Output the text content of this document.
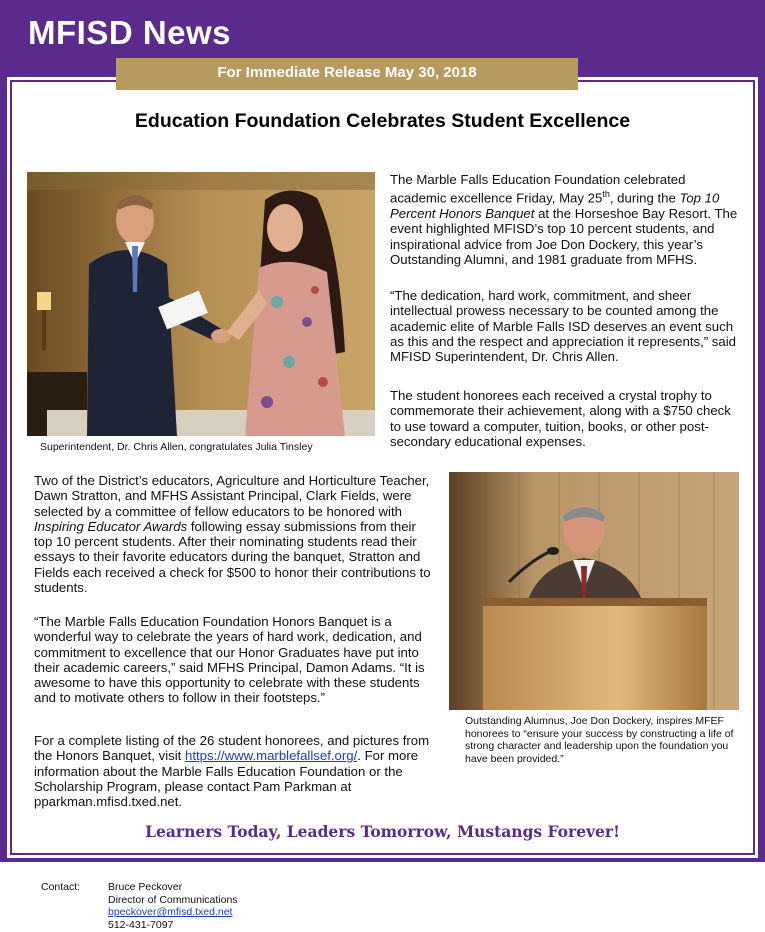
MFISD News
For Immediate Release May 30, 2018
Education Foundation Celebrates Student Excellence
Superintendent, Dr. Chris Allen, congratulates Julia Tinsley

The Marble Falls Education Foundation celebrated academic excellence Friday, May 25th, during the Top 10 Percent Honors Banquet at the Horseshoe Bay Resort. The event highlighted MFISD’s top 10 percent students, and inspirational advice from Joe Don Dockery, this year’s Outstanding Alumni, and 1981 graduate from MFHS.

“The dedication, hard work, commitment, and sheer intellectual prowess necessary to be counted among the academic elite of Marble Falls ISD deserves an event such as this and the respect and appreciation it represents,” said MFISD Superintendent, Dr. Chris Allen.

The student honorees each received a crystal trophy to commemorate their achievement, along with a $750 check to use toward a computer, tuition, books, or other post-secondary educational expenses.

Two of the District’s educators, Agriculture and Horticulture Teacher, Dawn Stratton, and MFHS Assistant Principal, Clark Fields, were selected by a committee of fellow educators to be honored with Inspiring Educator Awards following essay submissions from their top 10 percent students. After their nominating students read their essays to their favorite educators during the banquet, Stratton and Fields each received a check for $500 to honor their contributions to students.

“The Marble Falls Education Foundation Honors Banquet is a wonderful way to celebrate the years of hard work, dedication, and commitment to excellence that our Honor Graduates have put into their academic careers,” said MFHS Principal, Damon Adams. “It is awesome to have this opportunity to celebrate with these students and to motivate others to follow in their footsteps.”

For a complete listing of the 26 student honorees, and pictures from the Honors Banquet, visit https://www.marblefallsef.org/. For more information about the Marble Falls Education Foundation or the Scholarship Program, please contact Pam Parkman at pparkman.mfisd.txed.net.

Outstanding Alumnus, Joe Don Dockery, inspires MFEF honorees to “ensure your success by constructing a life of strong character and leadership upon the foundation you have been provided.”
Learners Today, Leaders Tomorrow, Mustangs Forever!
Contact:	Bruce Peckover
Director of Communications
bpeckover@mfisd.txed.net
512-431-7097
